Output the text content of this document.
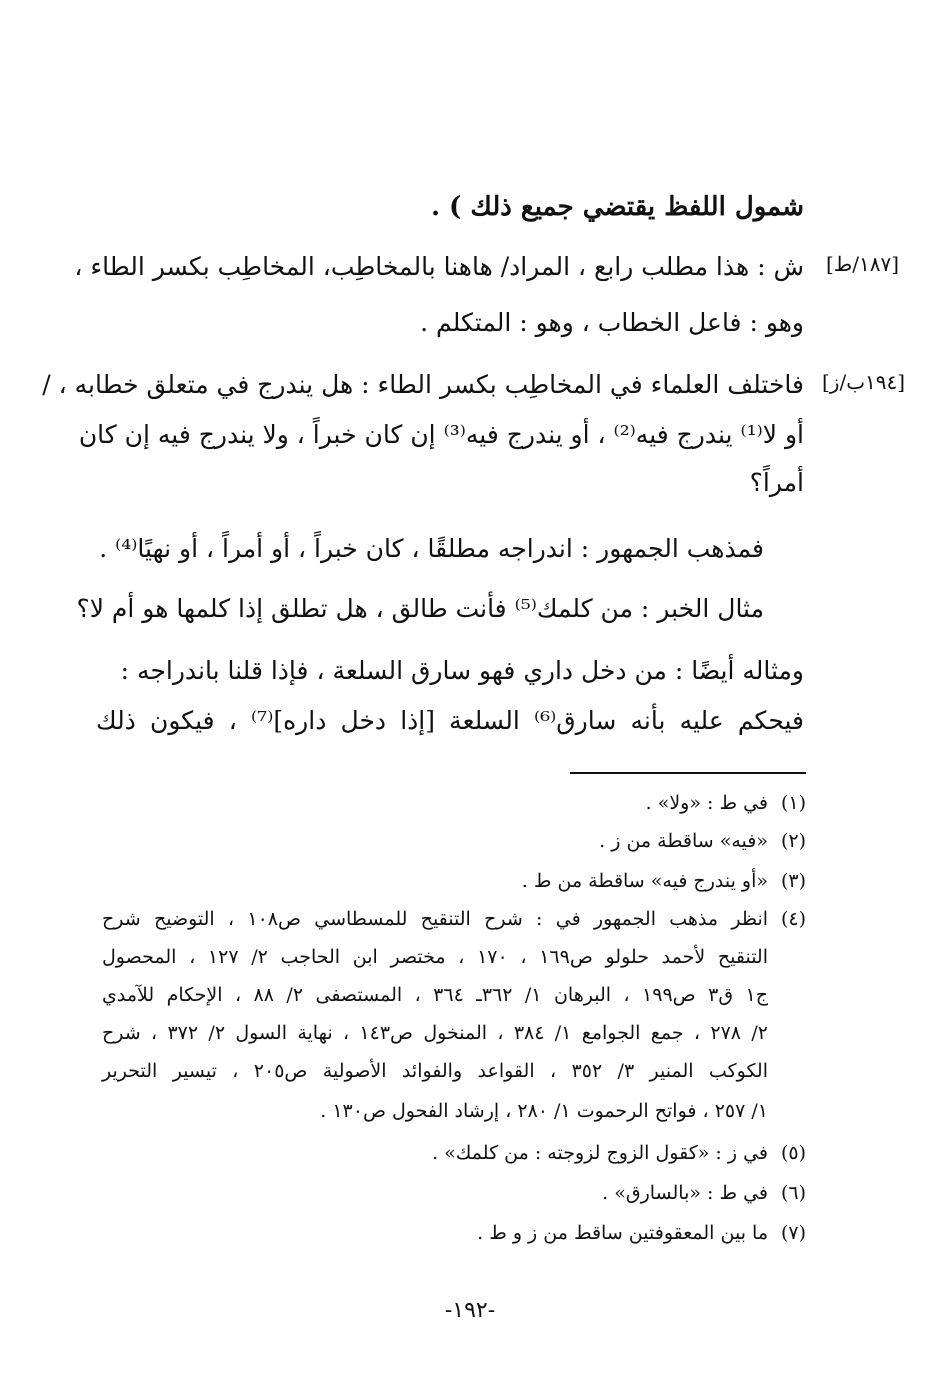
شمول اللفظ يقتضي جميع ذلك ) .
[١٨٧/ط]
[١٩٤ب/ز]
ش : هذا مطلب رابع ، المراد/ هاهنا بالمخاطِب، المخاطِب بكسر الطاء ،
وهو : فاعل الخطاب ، وهو : المتكلم .
فاختلف العلماء في المخاطِب بكسر الطاء : هل يندرج في متعلق خطابه ، /
أو لا⁽¹⁾ يندرج فيه⁽²⁾ ، أو يندرج فيه⁽³⁾ إن كان خبراً ، ولا يندرج فيه إن كان
أمراً؟
فمذهب الجمهور : اندراجه مطلقًا ، كان خبراً ، أو أمراً ، أو نهيًا⁽⁴⁾ .
مثال الخبر : من كلمك⁽⁵⁾ فأنت طالق ، هل تطلق إذا كلمها هو أم لا؟
ومثاله أيضًا : من دخل داري فهو سارق السلعة ، فإذا قلنا باندراجه :
فيحكم عليه بأنه سارق⁽⁶⁾ السلعة [إذا دخل داره]⁽⁷⁾ ، فيكون ذلك
(١)
في ط : «ولا» .
(٢)
«فيه» ساقطة من ز .
(٣)
«أو يندرج فيه» ساقطة من ط .
(٤)
انظر مذهب الجمهور في : شرح التنقيح للمسطاسي ص١٠٨ ، التوضيح شرح
التنقيح لأحمد حلولو ص١٦٩ ، ١٧٠ ، مختصر ابن الحاجب ٢/ ١٢٧ ، المحصول
ج١ ق٣ ص١٩٩ ، البرهان ١/ ٣٦٢ـ ٣٦٤ ، المستصفى ٢/ ٨٨ ، الإحكام للآمدي
٢/ ٢٧٨ ، جمع الجوامع ١/ ٣٨٤ ، المنخول ص١٤٣ ، نهاية السول ٢/ ٣٧٢ ، شرح
الكوكب المنير ٣/ ٣٥٢ ، القواعد والفوائد الأصولية ص٢٠٥ ، تيسير التحرير
١/ ٢٥٧ ، فواتح الرحموت ١/ ٢٨٠ ، إرشاد الفحول ص١٣٠ .
(٥)
في ز : «كقول الزوج لزوجته : من كلمك» .
(٦)
في ط : «بالسارق» .
(٧)
ما بين المعقوفتين ساقط من ز و ط .
-١٩٢-
